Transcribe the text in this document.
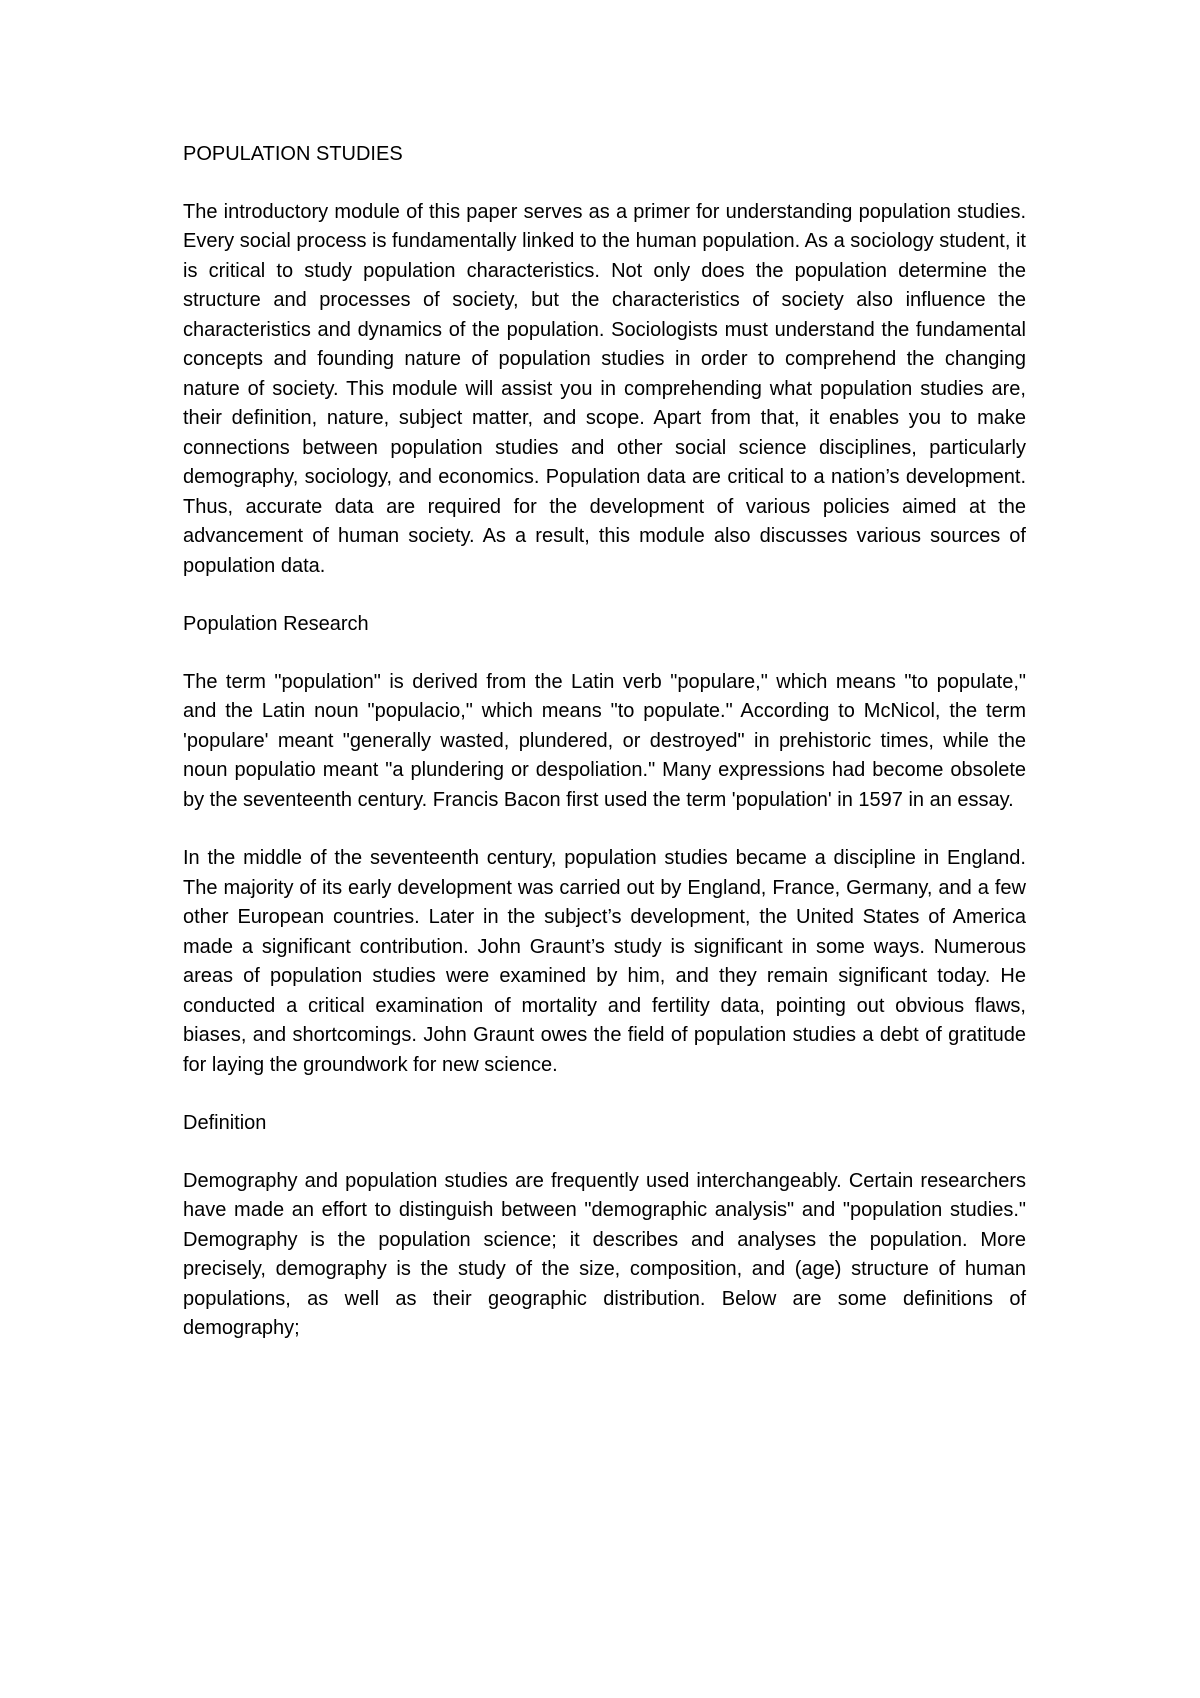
POPULATION STUDIES

The introductory module of this paper serves as a primer for understanding population studies. Every social process is fundamentally linked to the human population. As a sociology student, it is critical to study population characteristics. Not only does the population determine the structure and processes of society, but the characteristics of society also influence the characteristics and dynamics of the population. Sociologists must understand the fundamental concepts and founding nature of population studies in order to comprehend the changing nature of society. This module will assist you in comprehending what population studies are, their definition, nature, subject matter, and scope. Apart from that, it enables you to make connections between population studies and other social science disciplines, particularly demography, sociology, and economics. Population data are critical to a nation’s development. Thus, accurate data are required for the development of various policies aimed at the advancement of human society. As a result, this module also discusses various sources of population data.

Population Research

The term "population" is derived from the Latin verb "populare," which means "to populate," and the Latin noun "populacio," which means "to populate." According to McNicol, the term 'populare' meant "generally wasted, plundered, or destroyed" in prehistoric times, while the noun populatio meant "a plundering or despoliation." Many expressions had become obsolete by the seventeenth century. Francis Bacon first used the term 'population' in 1597 in an essay.

In the middle of the seventeenth century, population studies became a discipline in England. The majority of its early development was carried out by England, France, Germany, and a few other European countries. Later in the subject’s development, the United States of America made a significant contribution. John Graunt’s study is significant in some ways. Numerous areas of population studies were examined by him, and they remain significant today. He conducted a critical examination of mortality and fertility data, pointing out obvious flaws, biases, and shortcomings. John Graunt owes the field of population studies a debt of gratitude for laying the groundwork for new science.

Definition

Demography and population studies are frequently used interchangeably. Certain researchers have made an effort to distinguish between "demographic analysis" and "population studies." Demography is the population science; it describes and analyses the population. More precisely, demography is the study of the size, composition, and (age) structure of human populations, as well as their geographic distribution. Below are some definitions of demography;
